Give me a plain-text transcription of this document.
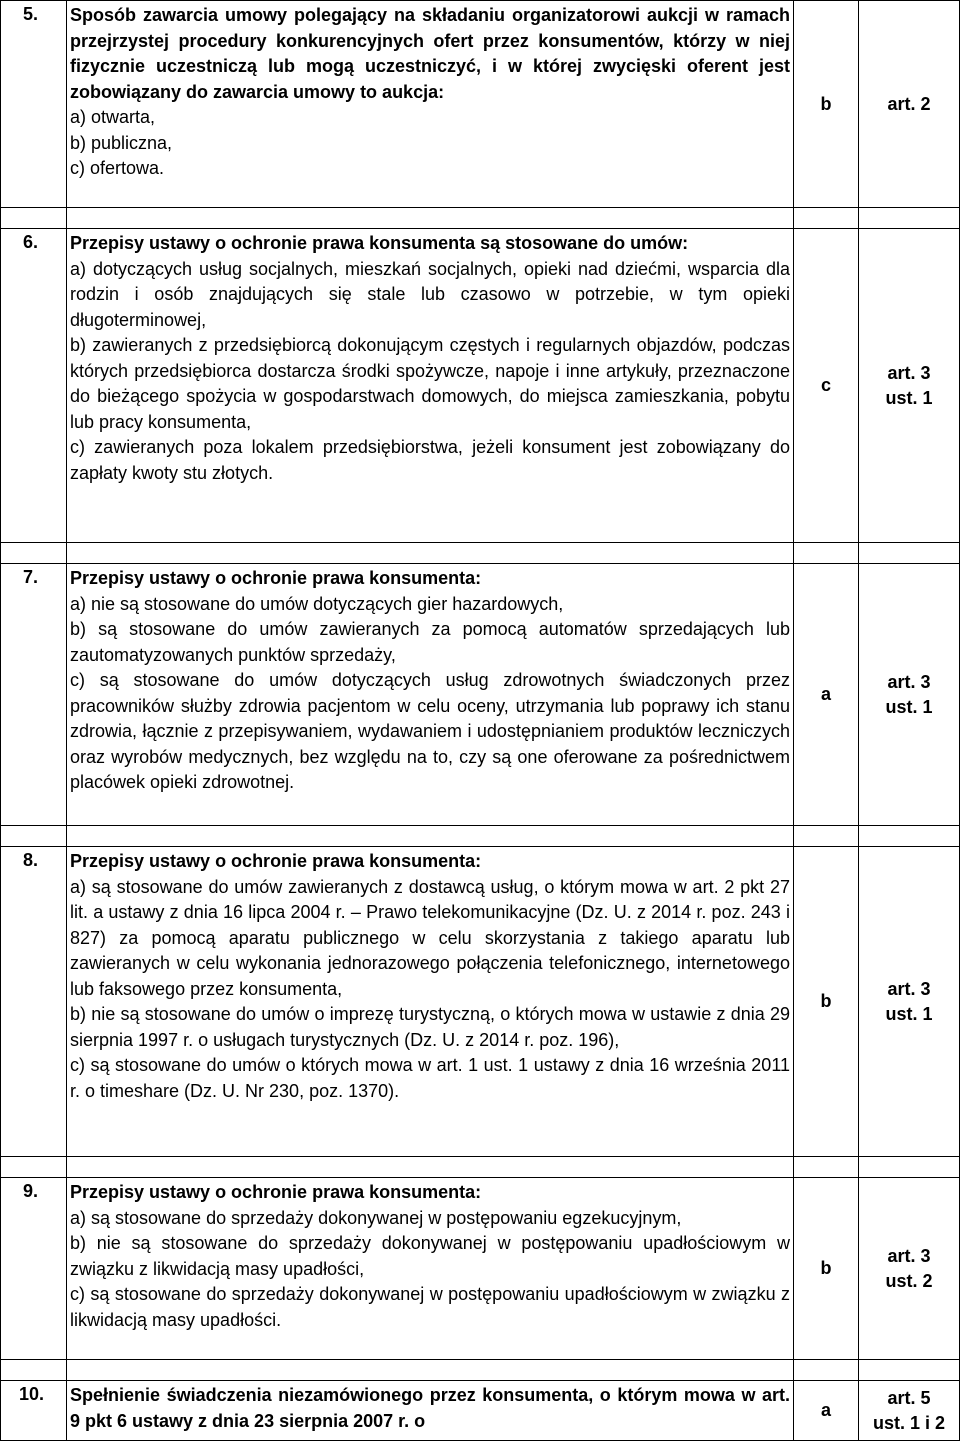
5.	Sposób zawarcia umowy polegający na składaniu organizatorowi aukcji w ramach przejrzystej procedury konkurencyjnych ofert przez konsumentów, którzy w niej fizycznie uczestniczą lub mogą uczestniczyć, i w której zwycięski oferent jest zobowiązany do zawarcia umowy to aukcja:
a) otwarta,
b) publiczna,
c) ofertowa.	b	art. 2

6.	Przepisy ustawy o ochronie prawa konsumenta są stosowane do umów:
a) dotyczących usług socjalnych, mieszkań socjalnych, opieki nad dziećmi, wsparcia dla rodzin i osób znajdujących się stale lub czasowo w potrzebie, w tym opieki długoterminowej,
b) zawieranych z przedsiębiorcą dokonującym częstych i regularnych objazdów, podczas których przedsiębiorca dostarcza środki spożywcze, napoje i inne artykuły, przeznaczone do bieżącego spożycia w gospodarstwach domowych, do miejsca zamieszkania, pobytu lub pracy konsumenta,
c) zawieranych poza lokalem przedsiębiorstwa, jeżeli konsument jest zobowiązany do zapłaty kwoty stu złotych.	c	art. 3
ust. 1

7.	Przepisy ustawy o ochronie prawa konsumenta:
a) nie są stosowane do umów dotyczących gier hazardowych,
b) są stosowane do umów zawieranych za pomocą automatów sprzedających lub zautomatyzowanych punktów sprzedaży,
c) są stosowane do umów dotyczących usług zdrowotnych świadczonych przez pracowników służby zdrowia pacjentom w celu oceny, utrzymania lub poprawy ich stanu zdrowia, łącznie z przepisywaniem, wydawaniem i udostępnianiem produktów leczniczych oraz wyrobów medycznych, bez względu na to, czy są one oferowane za pośrednictwem placówek opieki zdrowotnej.	a	art. 3
ust. 1

8.	Przepisy ustawy o ochronie prawa konsumenta:
a) są stosowane do umów zawieranych z dostawcą usług, o którym mowa w art. 2 pkt 27 lit. a ustawy z dnia 16 lipca 2004 r. – Prawo telekomunikacyjne (Dz. U. z 2014 r. poz. 243 i 827) za pomocą aparatu publicznego w celu skorzystania z takiego aparatu lub zawieranych w celu wykonania jednorazowego połączenia telefonicznego, internetowego lub faksowego przez konsumenta,
b) nie są stosowane do umów o imprezę turystyczną, o których mowa w ustawie z dnia 29 sierpnia 1997 r. o usługach turystycznych (Dz. U. z 2014 r. poz. 196),
c) są stosowane do umów o których mowa w art. 1 ust. 1 ustawy z dnia 16 września 2011 r. o timeshare (Dz. U. Nr 230, poz. 1370).	b	art. 3
ust. 1

9.	Przepisy ustawy o ochronie prawa konsumenta:
a) są stosowane do sprzedaży dokonywanej w postępowaniu egzekucyjnym,
b) nie są stosowane do sprzedaży dokonywanej w postępowaniu upadłościowym w związku z likwidacją masy upadłości,
c) są stosowane do sprzedaży dokonywanej w postępowaniu upadłościowym w związku z likwidacją masy upadłości.	b	art. 3
ust. 2

10.	Spełnienie świadczenia niezamówionego przez konsumenta, o którym mowa w art. 9 pkt 6 ustawy z dnia 23 sierpnia 2007 r. o	a	art. 5
ust. 1 i 2
